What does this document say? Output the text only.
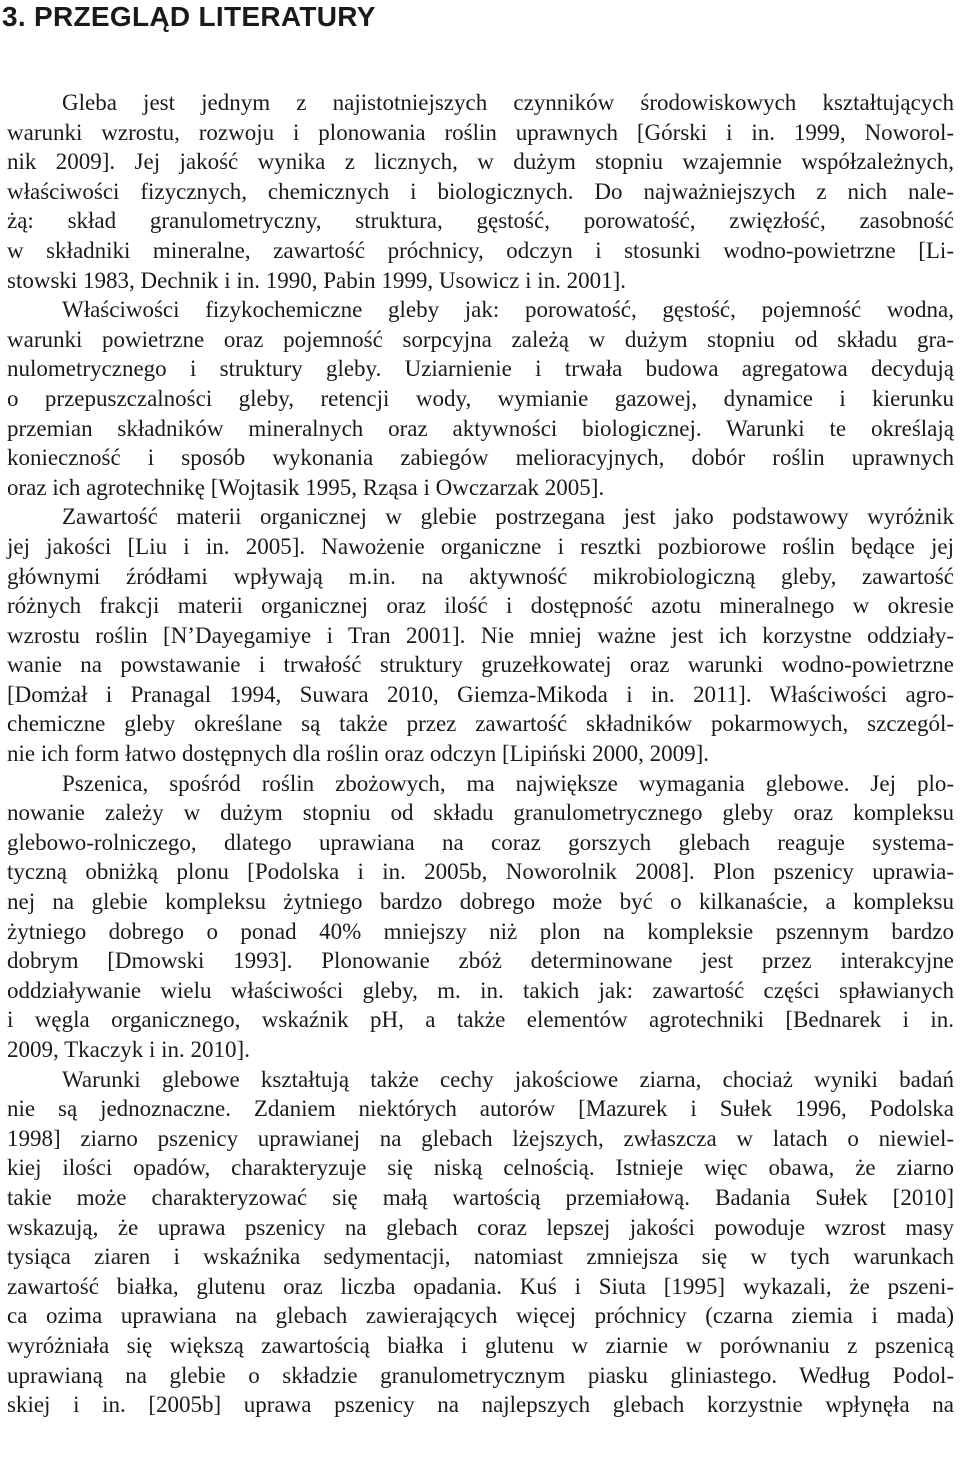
3. PRZEGLĄD LITERATURY
Gleba jest jednym z najistotniejszych czynników środowiskowych kształtujących
warunki wzrostu, rozwoju i plonowania roślin uprawnych [Górski i in. 1999, Noworol-
nik 2009]. Jej jakość wynika z licznych, w dużym stopniu wzajemnie współzależnych,
właściwości fizycznych, chemicznych i biologicznych. Do najważniejszych z nich nale-
żą: skład granulometryczny, struktura, gęstość, porowatość, zwięzłość, zasobność
w składniki mineralne, zawartość próchnicy, odczyn i stosunki wodno-powietrzne [Li-
stowski 1983, Dechnik i in. 1990, Pabin 1999, Usowicz i in. 2001].
Właściwości fizykochemiczne gleby jak: porowatość, gęstość, pojemność wodna,
warunki powietrzne oraz pojemność sorpcyjna zależą w dużym stopniu od składu gra-
nulometrycznego i struktury gleby. Uziarnienie i trwała budowa agregatowa decydują
o przepuszczalności gleby, retencji wody, wymianie gazowej, dynamice i kierunku
przemian składników mineralnych oraz aktywności biologicznej. Warunki te określają
konieczność i sposób wykonania zabiegów melioracyjnych, dobór roślin uprawnych
oraz ich agrotechnikę [Wojtasik 1995, Rząsa i Owczarzak 2005].
Zawartość materii organicznej w glebie postrzegana jest jako podstawowy wyróżnik
jej jakości [Liu i in. 2005]. Nawożenie organiczne i resztki pozbiorowe roślin będące jej
głównymi źródłami wpływają m.in. na aktywność mikrobiologiczną gleby, zawartość
różnych frakcji materii organicznej oraz ilość i dostępność azotu mineralnego w okresie
wzrostu roślin [N’Dayegamiye i Tran 2001]. Nie mniej ważne jest ich korzystne oddziały-
wanie na powstawanie i trwałość struktury gruzełkowatej oraz warunki wodno-powietrzne
[Domżał i Pranagal 1994, Suwara 2010, Giemza-Mikoda i in. 2011]. Właściwości agro-
chemiczne gleby określane są także przez zawartość składników pokarmowych, szczegól-
nie ich form łatwo dostępnych dla roślin oraz odczyn [Lipiński 2000, 2009].
Pszenica, spośród roślin zbożowych, ma największe wymagania glebowe. Jej plo-
nowanie zależy w dużym stopniu od składu granulometrycznego gleby oraz kompleksu
glebowo-rolniczego, dlatego uprawiana na coraz gorszych glebach reaguje systema-
tyczną obniżką plonu [Podolska i in. 2005b, Noworolnik 2008]. Plon pszenicy uprawia-
nej na glebie kompleksu żytniego bardzo dobrego może być o kilkanaście, a kompleksu
żytniego dobrego o ponad 40% mniejszy niż plon na kompleksie pszennym bardzo
dobrym [Dmowski 1993]. Plonowanie zbóż determinowane jest przez interakcyjne
oddziaływanie wielu właściwości gleby, m. in. takich jak: zawartość części spławianych
i węgla organicznego, wskaźnik pH, a także elementów agrotechniki [Bednarek i in.
2009, Tkaczyk i in. 2010].
Warunki glebowe kształtują także cechy jakościowe ziarna, chociaż wyniki badań
nie są jednoznaczne. Zdaniem niektórych autorów [Mazurek i Sułek 1996, Podolska
1998] ziarno pszenicy uprawianej na glebach lżejszych, zwłaszcza w latach o niewiel-
kiej ilości opadów, charakteryzuje się niską celnością. Istnieje więc obawa, że ziarno
takie może charakteryzować się małą wartością przemiałową. Badania Sułek [2010]
wskazują, że uprawa pszenicy na glebach coraz lepszej jakości powoduje wzrost masy
tysiąca ziaren i wskaźnika sedymentacji, natomiast zmniejsza się w tych warunkach
zawartość białka, glutenu oraz liczba opadania. Kuś i Siuta [1995] wykazali, że pszeni-
ca ozima uprawiana na glebach zawierających więcej próchnicy (czarna ziemia i mada)
wyróżniała się większą zawartością białka i glutenu w ziarnie w porównaniu z pszenicą
uprawianą na glebie o składzie granulometrycznym piasku gliniastego. Według Podol-
skiej i in. [2005b] uprawa pszenicy na najlepszych glebach korzystnie wpłynęła na
